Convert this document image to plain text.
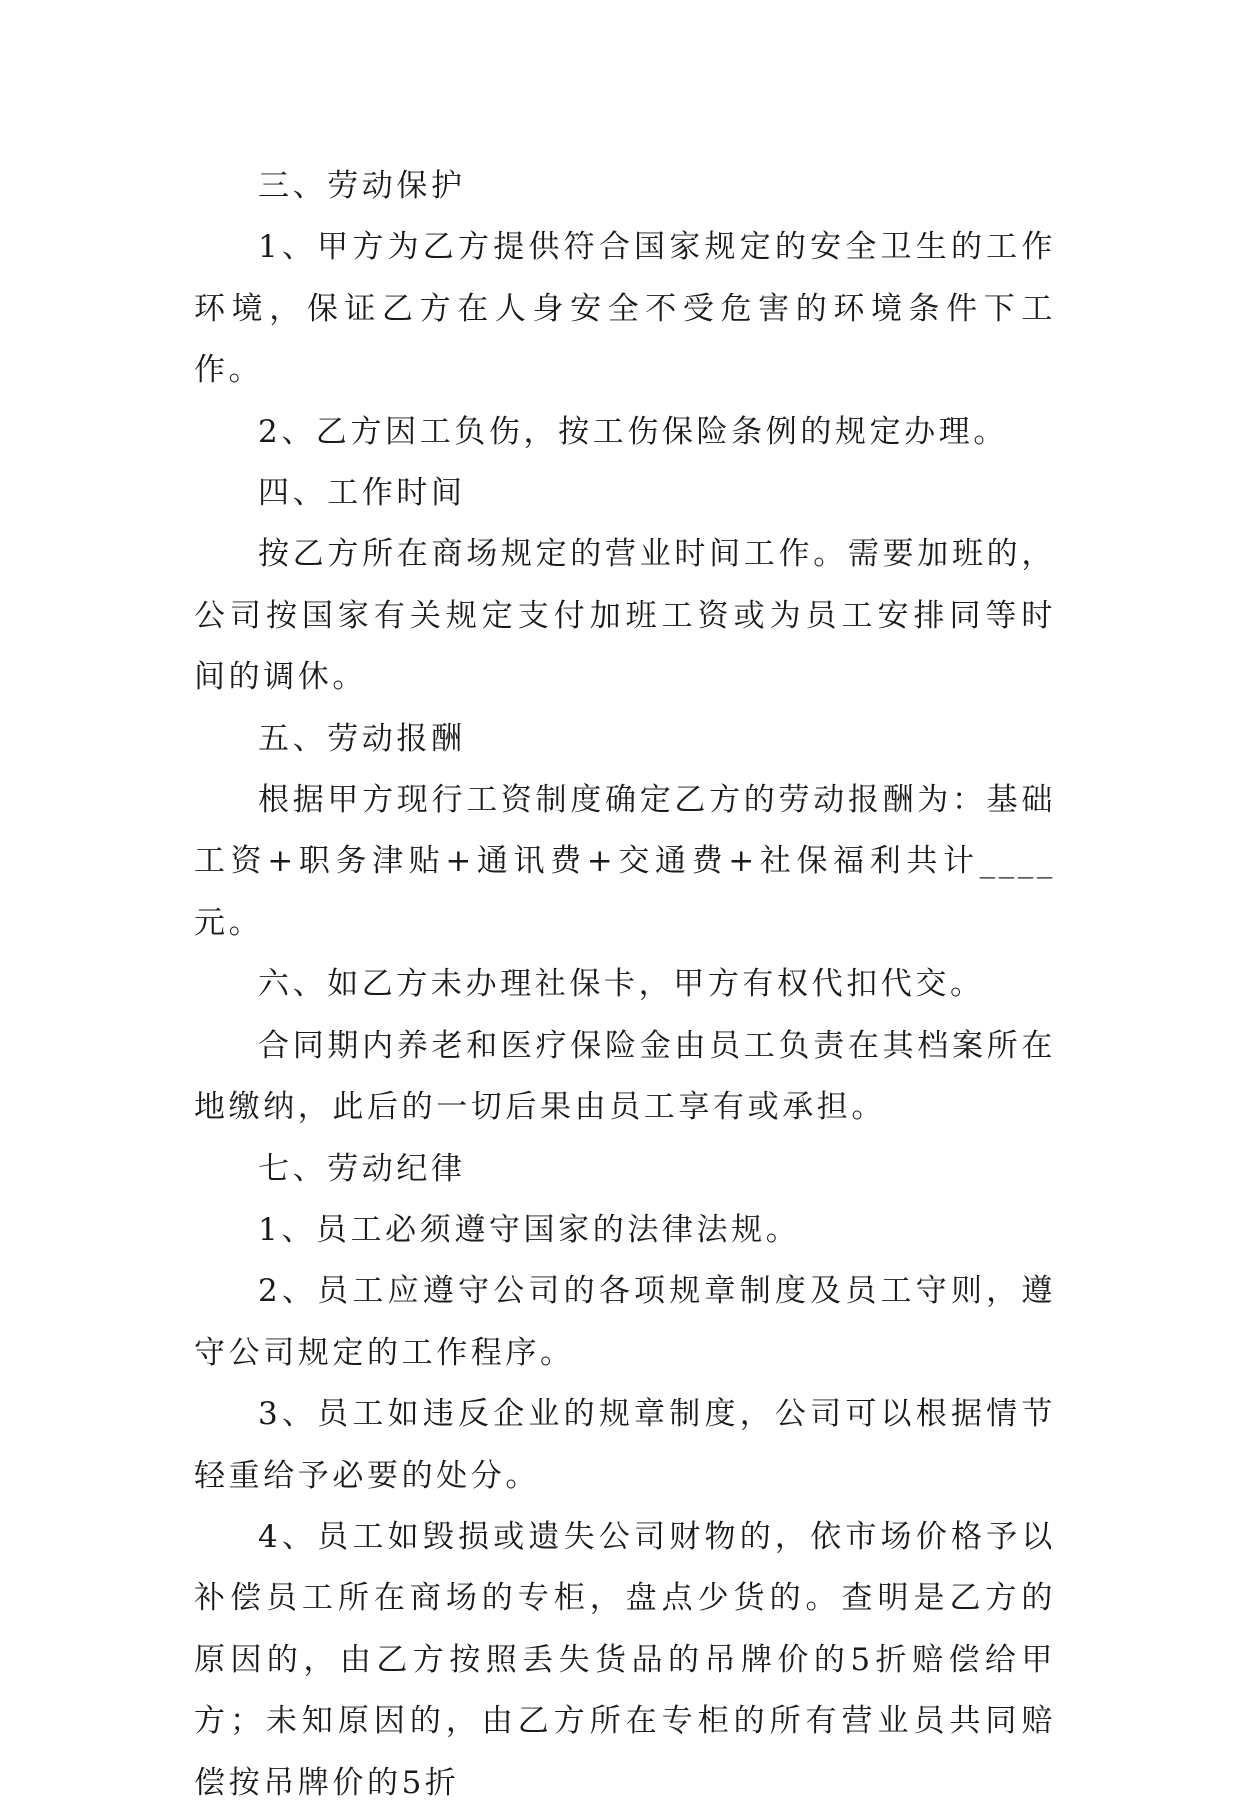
三、劳动保护

1、甲方为乙方提供符合国家规定的安全卫生的工作环境，保证乙方在人身安全不受危害的环境条件下工作。

2、乙方因工负伤，按工伤保险条例的规定办理。

四、工作时间

按乙方所在商场规定的营业时间工作。需要加班的，公司按国家有关规定支付加班工资或为员工安排同等时间的调休。

五、劳动报酬

根据甲方现行工资制度确定乙方的劳动报酬为：基础工资+职务津贴+通讯费+交通费+社保福利共计____元。

六、如乙方未办理社保卡，甲方有权代扣代交。

合同期内养老和医疗保险金由员工负责在其档案所在地缴纳，此后的一切后果由员工享有或承担。

七、劳动纪律

1、员工必须遵守国家的法律法规。

2、员工应遵守公司的各项规章制度及员工守则，遵守公司规定的工作程序。

3、员工如违反企业的规章制度，公司可以根据情节轻重给予必要的处分。

4、员工如毁损或遗失公司财物的，依市场价格予以补偿员工所在商场的专柜，盘点少货的。查明是乙方的原因的，由乙方按照丢失货品的吊牌价的5折赔偿给甲方；未知原因的，由乙方所在专柜的所有营业员共同赔偿按吊牌价的5折
